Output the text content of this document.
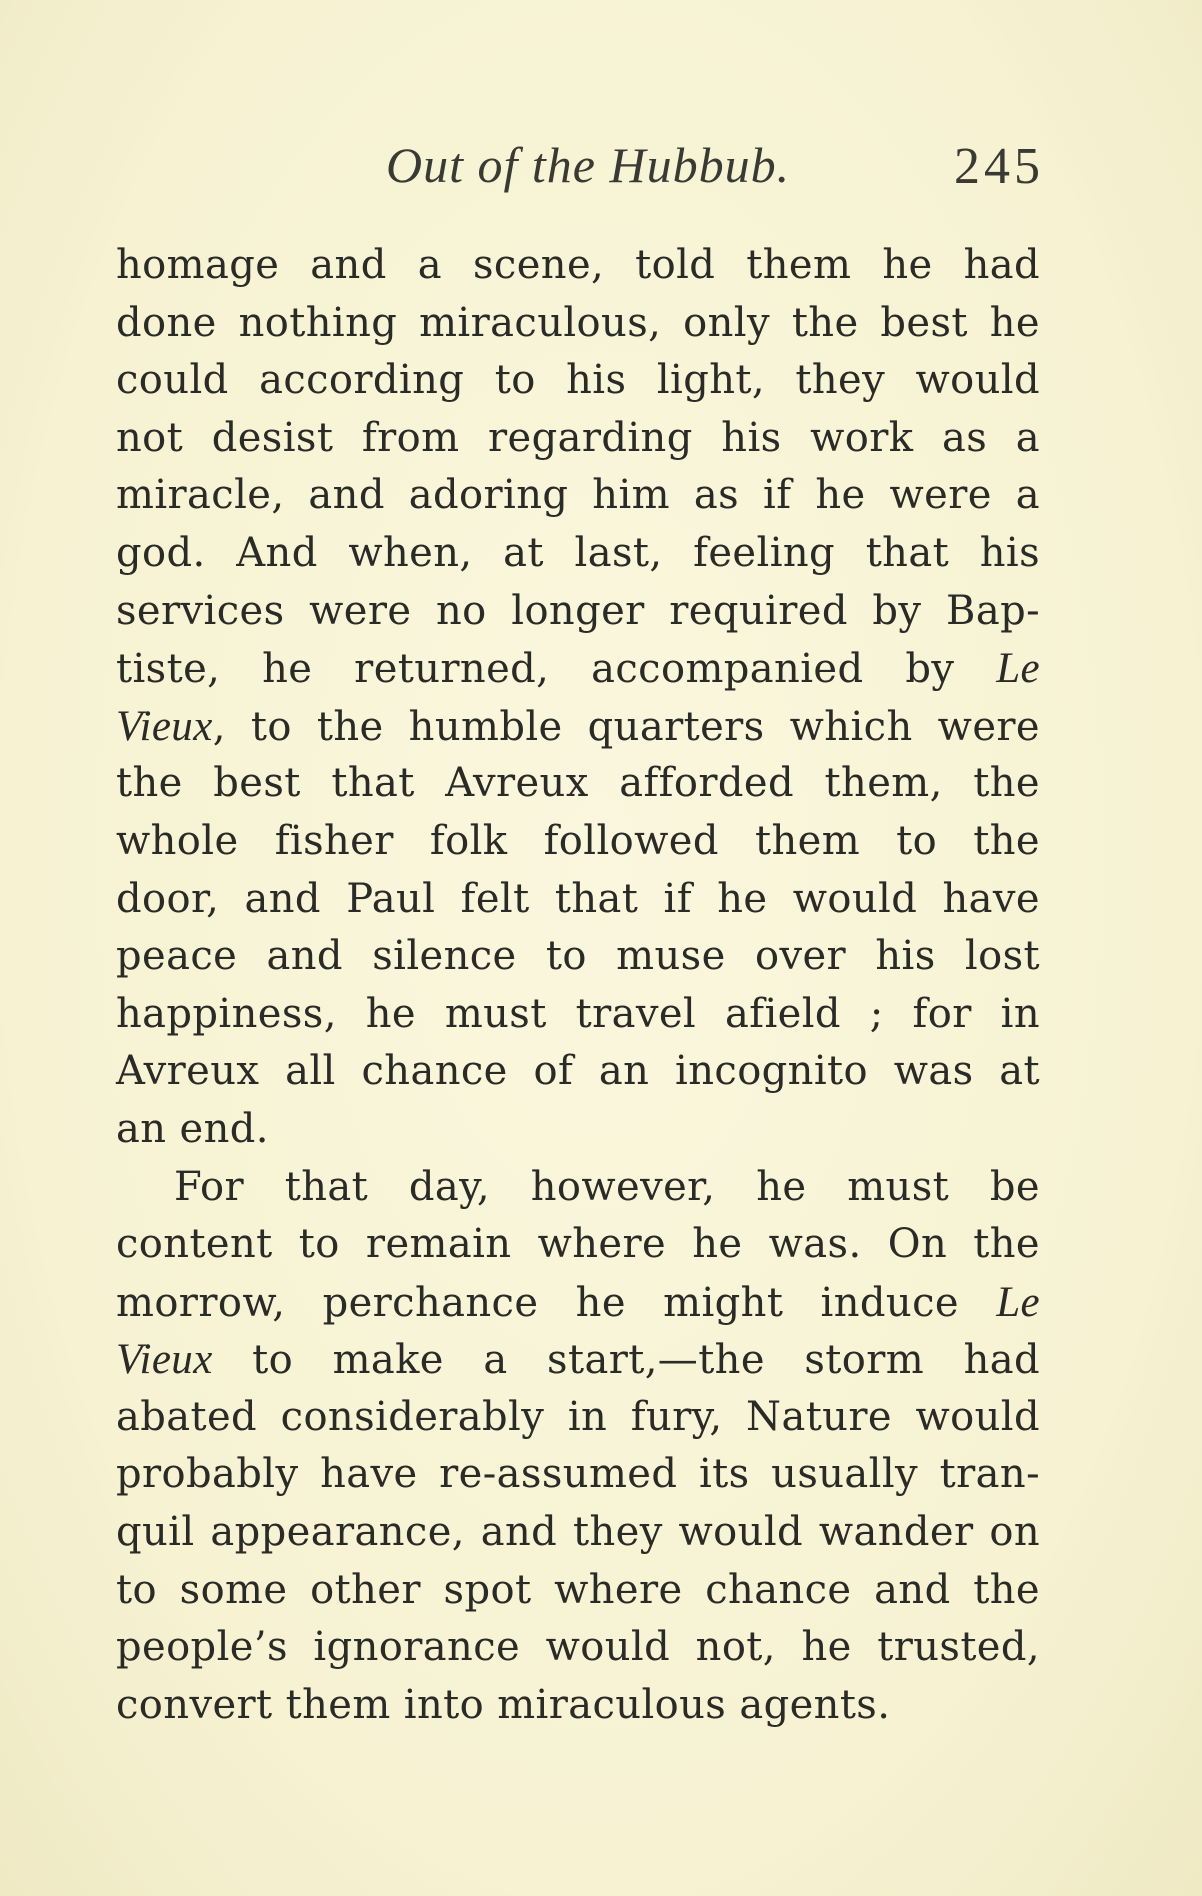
Out of the Hubbub.	245
homage and a scene, told them he had
done nothing miraculous, only the best he
could according to his light, they would
not desist from regarding his work as a
miracle, and adoring him as if he were a
god. And when, at last, feeling that his
services were no longer required by Bap-
tiste, he returned, accompanied by Le
Vieux, to the humble quarters which were
the best that Avreux afforded them, the
whole fisher folk followed them to the
door, and Paul felt that if he would have
peace and silence to muse over his lost
happiness, he must travel afield ; for in
Avreux all chance of an incognito was at
an end.
For that day, however, he must be
content to remain where he was. On the
morrow, perchance he might induce Le
Vieux to make a start,—the storm had
abated considerably in fury, Nature would
probably have re-assumed its usually tran-
quil appearance, and they would wander on
to some other spot where chance and the
people’s ignorance would not, he trusted,
convert them into miraculous agents.
